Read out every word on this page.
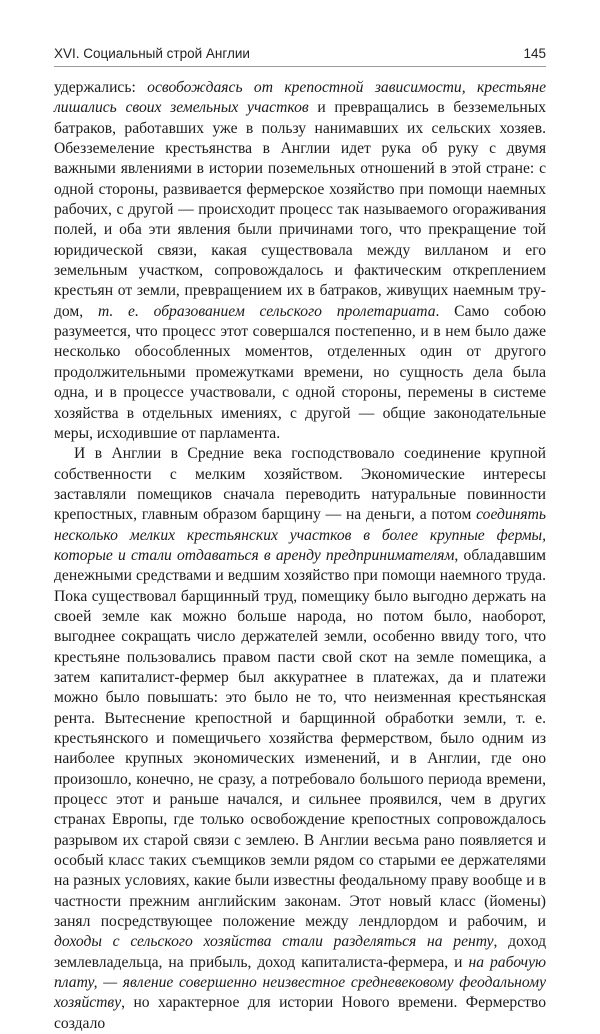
XVI. Социальный строй Англии	145

удержались: освобождаясь от крепостной зависимости, крестьяне лишались своих земельных участков и превращались в безземельных батраков, работавших уже в пользу нанимавших их сельских хозяев. Обезземеление крестьянства в Англии идет рука об руку с двумя важными явлениями в истории поземельных отношений в этой стране: с одной стороны, развивается фермерское хозяйство при помощи наемных рабочих, с другой — происходит процесс так называемого огораживания полей, и оба эти явления были причинами того, что прекращение той юридической связи, какая существовала между вилланом и его земельным участком, сопровождалось и фактическим откреплением крестьян от земли, превращением их в батраков, живущих наемным трудом, т. е. образованием сельского пролетариата. Само собою разумеется, что процесс этот совершался постепенно, и в нем было даже несколько обособленных моментов, отделенных один от другого продолжительными промежутками времени, но сущность дела была одна, и в процессе участвовали, с одной стороны, перемены в системе хозяйства в отдельных имениях, с другой — общие законодательные меры, исходившие от парламента.

И в Англии в Средние века господствовало соединение крупной собственности с мелким хозяйством. Экономические интересы заставляли помещиков сначала переводить натуральные повинности крепостных, главным образом барщину — на деньги, а потом соединять несколько мелких крестьянских участков в более крупные фермы, которые и стали отдаваться в аренду предпринимателям, обладавшим денежными средствами и ведшим хозяйство при помощи наемного труда. Пока существовал барщинный труд, помещику было выгодно держать на своей земле как можно больше народа, но потом было, наоборот, выгоднее сокращать число держателей земли, особенно ввиду того, что крестьяне пользовались правом пасти свой скот на земле помещика, а затем капиталист-фермер был аккуратнее в платежах, да и платежи можно было повышать: это было не то, что неизменная крестьянская рента. Вытеснение крепостной и барщинной обработки земли, т. е. крестьянского и помещичьего хозяйства фермерством, было одним из наиболее крупных экономических изменений, и в Англии, где оно произошло, конечно, не сразу, а потребовало большого периода времени, процесс этот и раньше начался, и сильнее проявился, чем в других странах Европы, где только освобождение крепостных сопровождалось разрывом их старой связи с землею. В Англии весьма рано появляется и особый класс таких съемщиков земли рядом со старыми ее держателями на разных условиях, какие были известны феодальному праву вообще и в частности прежним английским законам. Этот новый класс (йомены) занял посредствующее положение между лендлордом и рабочим, и доходы с сельского хозяйства стали разделяться на ренту, доход землевладельца, на прибыль, доход капиталиста-фермера, и на рабочую плату, — явление совершенно неизвестное средневековому феодальному хозяйству, но характерное для истории Нового времени. Фермерство создало
